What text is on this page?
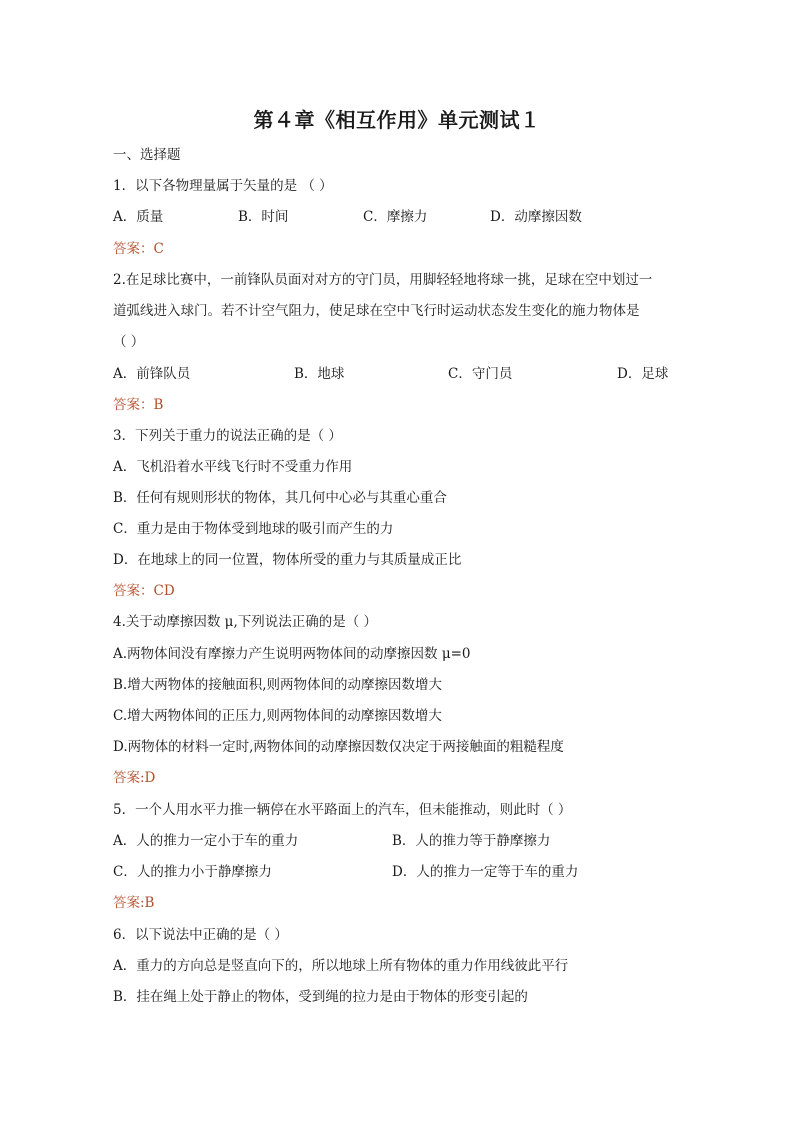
第４章《相互作用》单元测试１
一、选择题
1．以下各物理量属于矢量的是 （ ）
A．质量	B．时间	C．摩擦力	D．动摩擦因数
答案：C
2.在足球比赛中，一前锋队员面对对方的守门员，用脚轻轻地将球一挑，足球在空中划过一
道弧线进入球门。若不计空气阻力，使足球在空中飞行时运动状态发生变化的施力物体是
（ ）
A．前锋队员	B．地球	C．守门员	D．足球
答案：B
3．下列关于重力的说法正确的是（ ）
A．飞机沿着水平线飞行时不受重力作用
B．任何有规则形状的物体，其几何中心必与其重心重合
C．重力是由于物体受到地球的吸引而产生的力
D．在地球上的同一位置，物体所受的重力与其质量成正比
答案：CD
4.关于动摩擦因数 μ,下列说法正确的是（ ）
A.两物体间没有摩擦力产生说明两物体间的动摩擦因数 μ=0
B.增大两物体的接触面积,则两物体间的动摩擦因数增大
C.增大两物体间的正压力,则两物体间的动摩擦因数增大
D.两物体的材料一定时,两物体间的动摩擦因数仅决定于两接触面的粗糙程度
答案:D
5．一个人用水平力推一辆停在水平路面上的汽车，但未能推动，则此时（ ）
A．人的推力一定小于车的重力	B．人的推力等于静摩擦力
C．人的推力小于静摩擦力	D．人的推力一定等于车的重力
答案:B
6．以下说法中正确的是（ ）
A．重力的方向总是竖直向下的，所以地球上所有物体的重力作用线彼此平行
B．挂在绳上处于静止的物体，受到绳的拉力是由于物体的形变引起的
